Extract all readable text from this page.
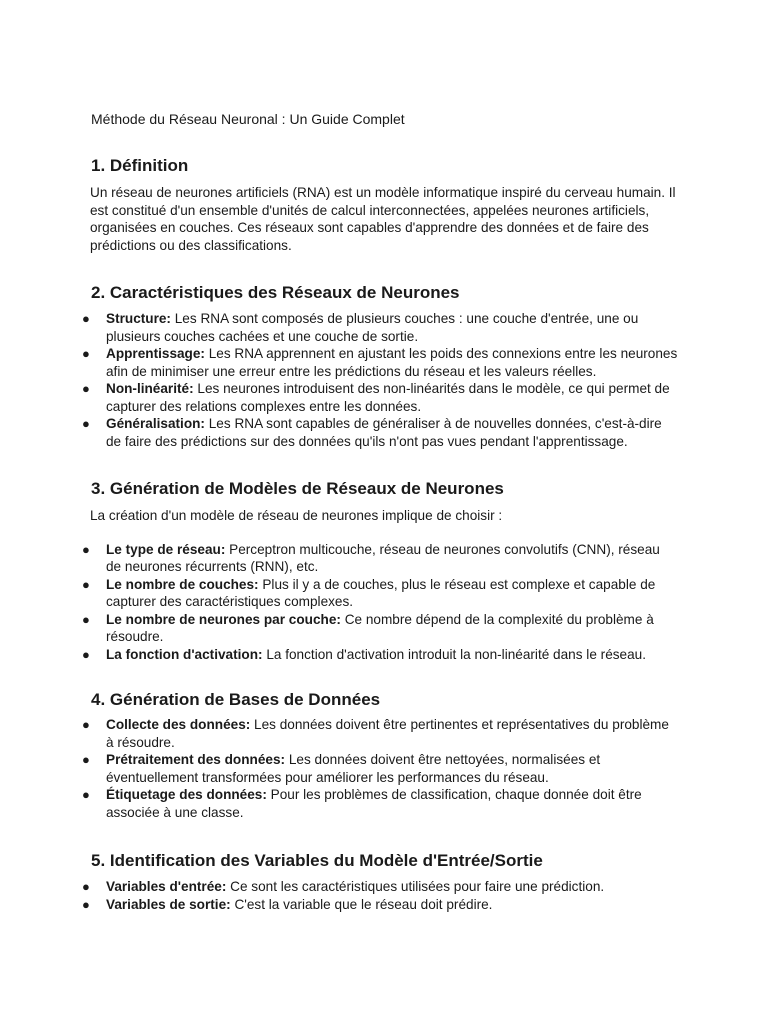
Méthode du Réseau Neuronal : Un Guide Complet
1. Définition

Un réseau de neurones artificiels (RNA) est un modèle informatique inspiré du cerveau humain. Il est constitué d'un ensemble d'unités de calcul interconnectées, appelées neurones artificiels, organisées en couches. Ces réseaux sont capables d'apprendre des données et de faire des prédictions ou des classifications.

2. Caractéristiques des Réseaux de Neurones
● Structure: Les RNA sont composés de plusieurs couches : une couche d'entrée, une ou plusieurs couches cachées et une couche de sortie.
● Apprentissage: Les RNA apprennent en ajustant les poids des connexions entre les neurones afin de minimiser une erreur entre les prédictions du réseau et les valeurs réelles.
● Non-linéarité: Les neurones introduisent des non-linéarités dans le modèle, ce qui permet de capturer des relations complexes entre les données.
● Généralisation: Les RNA sont capables de généraliser à de nouvelles données, c'est-à-dire de faire des prédictions sur des données qu'ils n'ont pas vues pendant l'apprentissage.
3. Génération de Modèles de Réseaux de Neurones

La création d'un modèle de réseau de neurones implique de choisir :

● Le type de réseau: Perceptron multicouche, réseau de neurones convolutifs (CNN), réseau de neurones récurrents (RNN), etc.
● Le nombre de couches: Plus il y a de couches, plus le réseau est complexe et capable de capturer des caractéristiques complexes.
● Le nombre de neurones par couche: Ce nombre dépend de la complexité du problème à résoudre.
● La fonction d'activation: La fonction d'activation introduit la non-linéarité dans le réseau.
4. Génération de Bases de Données
● Collecte des données: Les données doivent être pertinentes et représentatives du problème à résoudre.
● Prétraitement des données: Les données doivent être nettoyées, normalisées et éventuellement transformées pour améliorer les performances du réseau.
● Étiquetage des données: Pour les problèmes de classification, chaque donnée doit être associée à une classe.
5. Identification des Variables du Modèle d'Entrée/Sortie
● Variables d'entrée: Ce sont les caractéristiques utilisées pour faire une prédiction.
● Variables de sortie: C'est la variable que le réseau doit prédire.
